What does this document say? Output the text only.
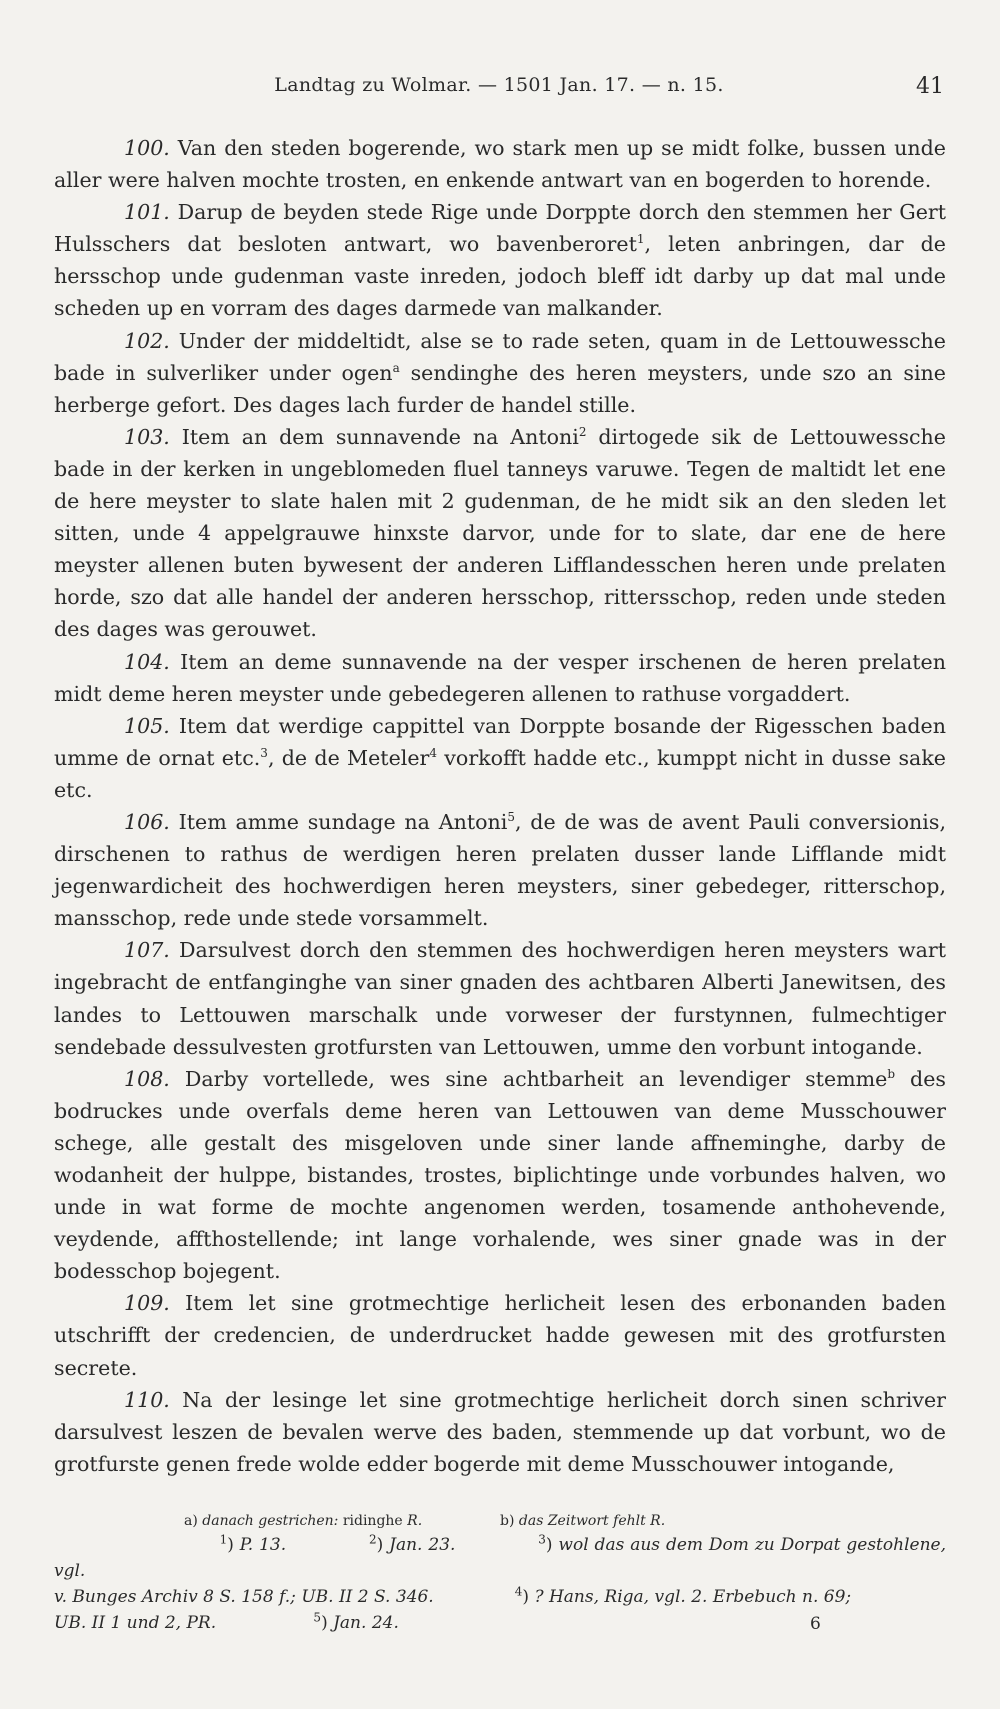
Landtag zu Wolmar. — 1501 Jan. 17. — n. 15.	41

100. Van den steden bogerende, wo stark men up se midt folke, bussen unde aller were halven mochte trosten, en enkende antwart van en bogerden to horende.

101. Darup de beyden stede Rige unde Dorppte dorch den stemmen her Gert Hulsschers dat besloten antwart, wo bavenberoret$^1$, leten anbringen, dar de hersschop unde gudenman vaste inreden, jodoch bleff idt darby up dat mal unde scheden up en vorram des dages darmede van malkander.

102. Under der middeltidt, alse se to rade seten, quam in de Lettouwessche bade in sulverliker under ogen$^a$ sendinghe des heren meysters, unde szo an sine herberge gefort. Des dages lach furder de handel stille.

103. Item an dem sunnavende na Antoni$^2$ dirtogede sik de Lettouwessche bade in der kerken in ungeblomeden fluel tanneys varuwe. Tegen de maltidt let ene de here meyster to slate halen mit 2 gudenman, de he midt sik an den sleden let sitten, unde 4 appelgrauwe hinxste darvor, unde for to slate, dar ene de here meyster allenen buten bywesent der anderen Lifflandesschen heren unde prelaten horde, szo dat alle handel der anderen hersschop, rittersschop, reden unde steden des dages was gerouwet.

104. Item an deme sunnavende na der vesper irschenen de heren prelaten midt deme heren meyster unde gebedegeren allenen to rathuse vorgaddert.

105. Item dat werdige cappittel van Dorppte bosande der Rigesschen baden umme de ornat etc.$^3$, de de Meteler$^4$ vorkofft hadde etc., kumppt nicht in dusse sake etc.

106. Item amme sundage na Antoni$^5$, de de was de avent Pauli conversionis, dirschenen to rathus de werdigen heren prelaten dusser lande Lifflande midt jegenwardicheit des hochwerdigen heren meysters, siner gebedeger, ritterschop, mansschop, rede unde stede vorsammelt.

107. Darsulvest dorch den stemmen des hochwerdigen heren meysters wart ingebracht de entfanginghe van siner gnaden des achtbaren Alberti Janewitsen, des landes to Lettouwen marschalk unde vorweser der furstynnen, fulmechtiger sendebade dessulvesten grotfursten van Lettouwen, umme den vorbunt intogande.

108. Darby vortellede, wes sine achtbarheit an levendiger stemme$^b$ des bodruckes unde overfals deme heren van Lettouwen van deme Musschouwer schege, alle gestalt des misgeloven unde siner lande affneminghe, darby de wodanheit der hulppe, bistandes, trostes, biplichtinge unde vorbundes halven, wo unde in wat forme de mochte angenomen werden, tosamende anthohevende, veydende, affthostellende; int lange vorhalende, wes siner gnade was in der bodesschop bojegent.

109. Item let sine grotmechtige herlicheit lesen des erbonanden baden utschrifft der credencien, de underdrucket hadde gewesen mit des grotfursten secrete.

110. Na der lesinge let sine grotmechtige herlicheit dorch sinen schriver darsulvest leszen de bevalen werve des baden, stemmende up dat vorbunt, wo de grotfurste genen frede wolde edder bogerde mit deme Musschouwer intogande,

a) danach gestrichen: ridinghe R.	b) das Zeitwort fehlt R.

$^1$) P. 13.	$^2$) Jan. 23.	$^3$) wol das aus dem Dom zu Dorpat gestohlene, vgl.

v. Bunges Archiv 8 S. 158 f.; UB. II 2 S. 346.	$^4$) ? Hans, Riga, vgl. 2. Erbebuch n. 69;

UB. II 1 und 2, PR.	$^5$) Jan. 24.	6
